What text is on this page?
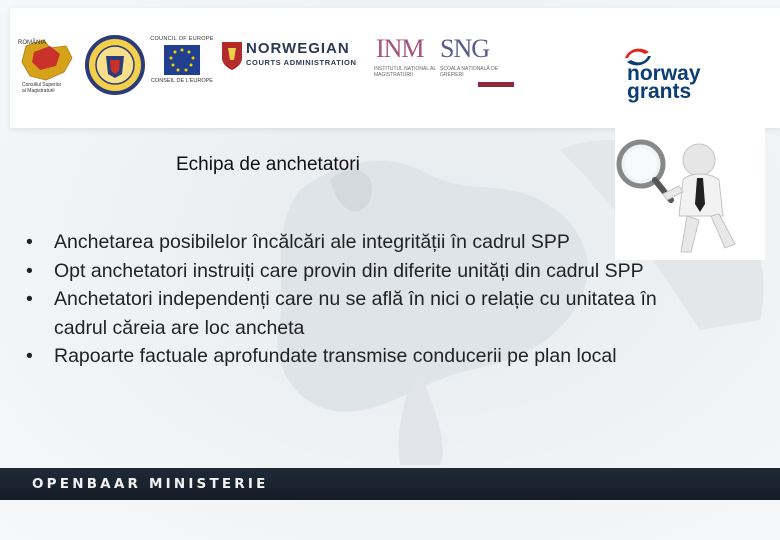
ROMÂNIA
Consiliul Superior
al Magistraturii
COUNCIL OF EUROPE
CONSEIL DE L'EUROPE
NORWEGIAN
COURTS ADMINISTRATION INM
INSTITUTUL NAȚIONAL AL MAGISTRATURII
SNG
ȘCOALA NAȚIONALĂ DE GREFIERI	norway
grants
Echipa de anchetatori
• Anchetarea posibilelor încălcări ale integrității în cadrul SPP
• Opt anchetatori instruiți care provin din diferite unități din cadrul SPP
• Anchetatori independenți care nu se află în nici o relație cu unitatea în cadrul căreia are loc ancheta
• Rapoarte factuale aprofundate transmise conducerii pe plan local
OPENBAAR MINISTERIE
